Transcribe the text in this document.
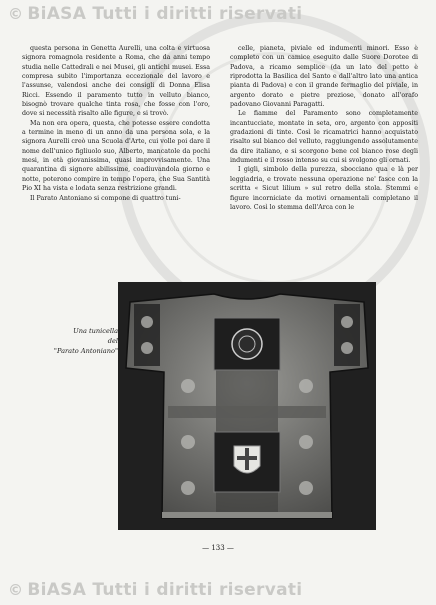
© BiASA Tutti i diritti riservati

questa persona in Genetta Aurelli, una colta e virtuosa signora romagnola residente a Roma, che da anni tempo studia nelle Cattedrali e nei Musei, gli antichi musei. Essa compresa subito l'importanza eccezionale del lavoro e l'assunse, valendosi anche dei consigli di Donna Elisa Ricci. Essendo il paramento tutto in velluto bianco, bisognò trovare qualche tinta rosa, che fosse con l'oro, dove si necessità risalto alle figure, e si trovò.

Ma non era opera, questa, che potesse essere condotta a termine in meno di un anno da una persona sola, e la signora Aurelli creò una Scuola d'Arte, cui volle poi dare il nome dell'unico figliuolo suo, Alberto, mancatole da pochi mesi, in età giovanissima, quasi improvvisamente. Una quarantina di signore abilissime, coadiuvandola giorno e notte, poterono compire in tempo l'opera, che Sua Santità Pio XI ha vista e lodata senza restrizione grandi.

Il Parato Antoniano si compone di quattro tuni-

celle, pianeta, piviale ed indumenti minori. Esso è completo con un camice eseguito dalle Suore Dorotee di Padova, a ricamo semplice (da un lato del petto è riprodotta la Basilica del Santo e dall'altro lato una antica pianta di Padova) e con il grande fermaglio del piviale, in argento dorato e pietre preziose, donato all'orafo padovano Giovanni Paragatti.

Le fiamme del Paramento sono completamente incantucciate, montate in seta, oro, argento con appositi gradazioni di tinte. Così le ricamatrici hanno acquistato risalto sul bianco del velluto, raggiungendo assolutamente da dire italiano, e si scorgono bene col bianco rose degli indumenti e il rosso intenso su cui si svolgono gli ornati.

I gigli, simbolo della purezza, sbocciano qua e là per leggiadria, e trovate nessuna operazione ne' fasce con la scritta « Sicut lilium » sul retro della stola. Stemmi e figure incorniciate da motivi ornamentali completano il lavoro. Così lo stemma dell'Arca con le

Una tunicella
del
"Parato Antoniano"
— 133 —
© BiASA Tutti i diritti riservati
